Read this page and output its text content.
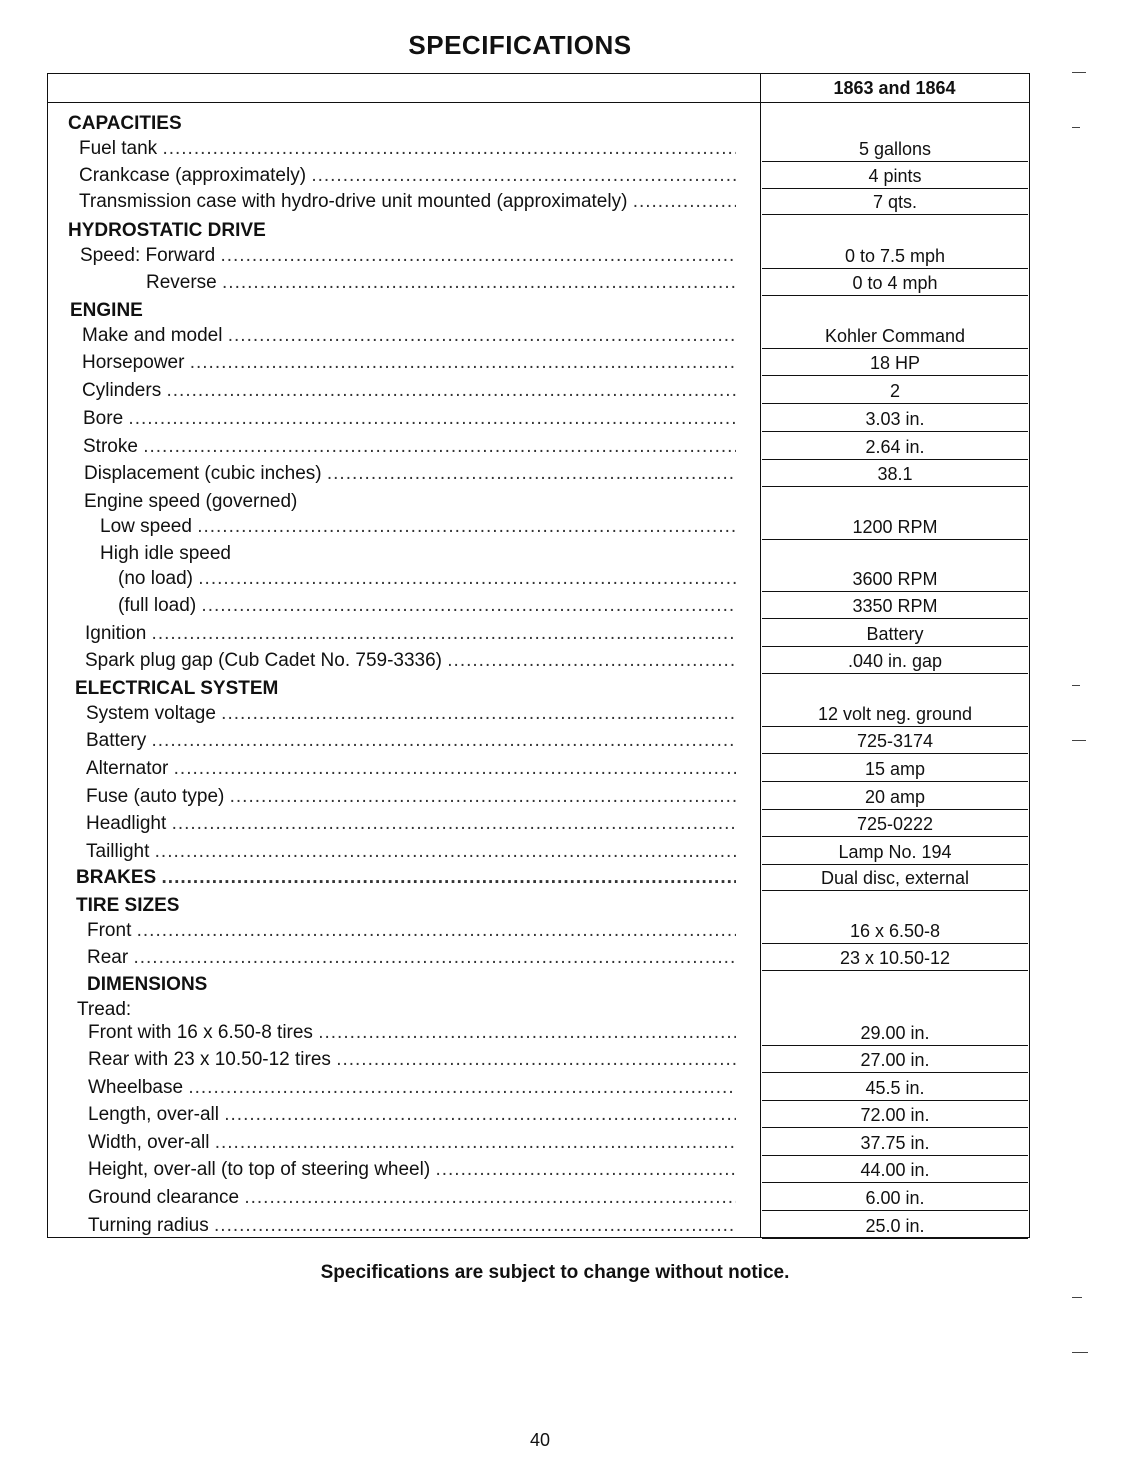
SPECIFICATIONS
1863 and 1864
CAPACITIES
Fuel tank .....	5 gallons
Crankcase (approximately) .....	4 pints
Transmission case with hydro-drive unit mounted (approximately) .....	7 qts.
HYDROSTATIC DRIVE
Speed: Forward .....	0 to 7.5 mph
Reverse .....	0 to 4 mph
ENGINE
Make and model .....	Kohler Command
Horsepower .....	18 HP
Cylinders .....	2
Bore .....	3.03 in.
Stroke .....	2.64 in.
Displacement (cubic inches) .....	38.1
Engine speed (governed)
Low speed .....	1200 RPM
High idle speed
(no load) .....	3600 RPM
(full load) .....	3350 RPM
Ignition .....	Battery
Spark plug gap (Cub Cadet No. 759-3336) .....	.040 in. gap
ELECTRICAL SYSTEM
System voltage .....	12 volt neg. ground
Battery .....	725-3174
Alternator .....	15 amp
Fuse (auto type) .....	20 amp
Headlight .....	725-0222
Taillight .....	Lamp No. 194
BRAKES .....	Dual disc, external
TIRE SIZES
Front .....	16 x 6.50-8
Rear .....	23 x 10.50-12
DIMENSIONS
Tread:
Front with 16 x 6.50-8 tires .....	29.00 in.
Rear with 23 x 10.50-12 tires .....	27.00 in.
Wheelbase .....	45.5 in.
Length, over-all .....	72.00 in.
Width, over-all .....	37.75 in.
Height, over-all (to top of steering wheel) .....	44.00 in.
Ground clearance .....	6.00 in.
Turning radius .....	25.0 in.
Specifications are subject to change without notice.
40
